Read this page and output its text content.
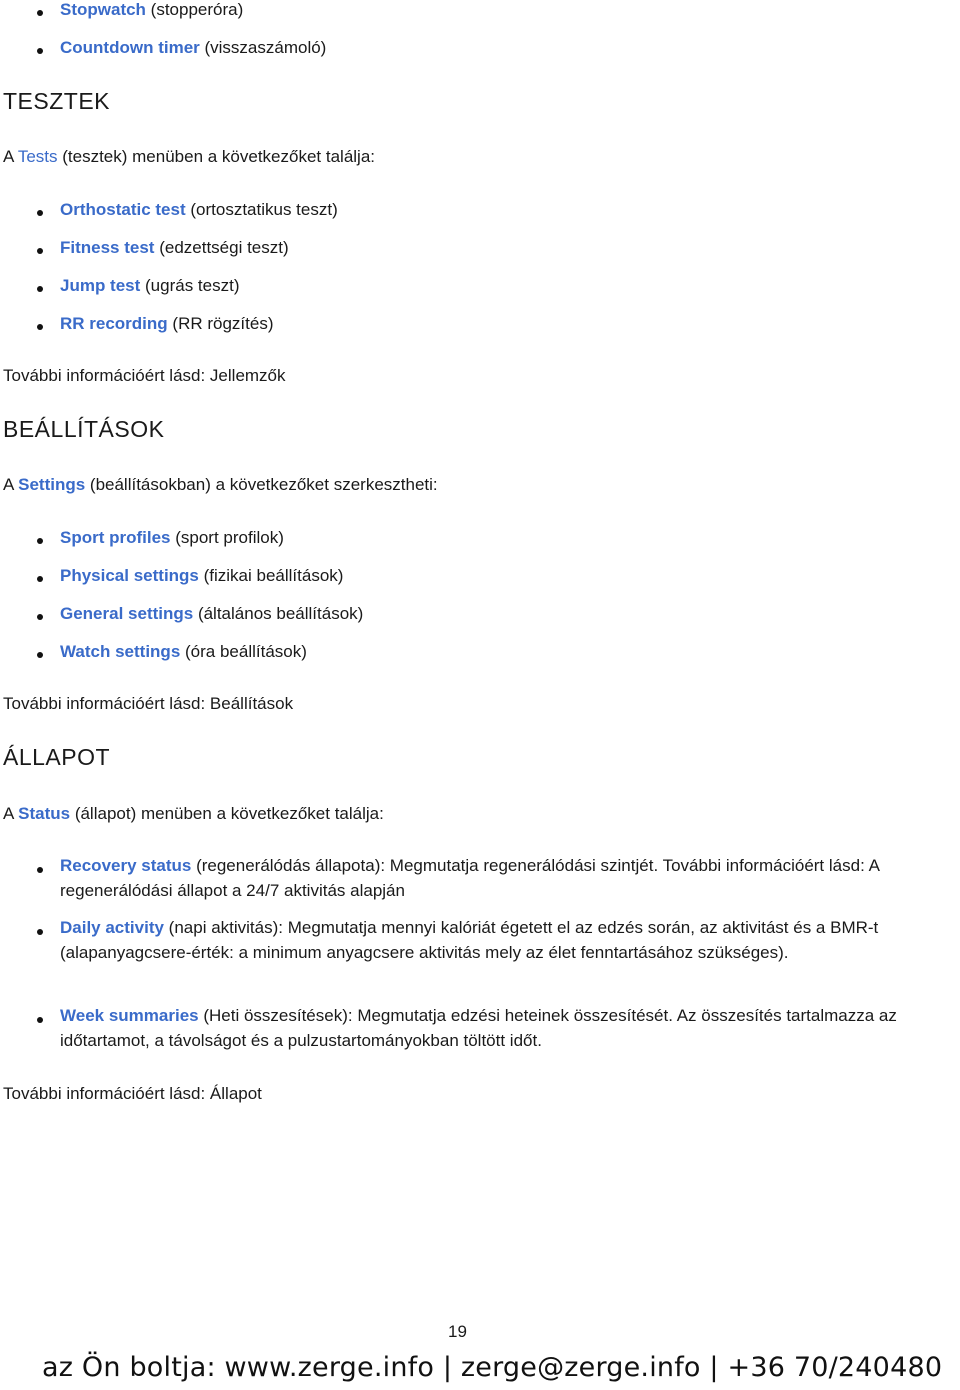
Stopwatch (stopperóra)
Countdown timer (visszaszámoló)
TESZTEK
A Tests (tesztek) menüben a következőket találja:
Orthostatic test (ortosztatikus teszt)
Fitness test (edzettségi teszt)
Jump test (ugrás teszt)
RR recording (RR rögzítés)
További információért lásd: Jellemzők
BEÁLLÍTÁSOK
A Settings (beállításokban) a következőket szerkesztheti:
Sport profiles (sport profilok)
Physical settings (fizikai beállítások)
General settings (általános beállítások)
Watch settings (óra beállítások)
További információért lásd: Beállítások
ÁLLAPOT
A Status (állapot) menüben a következőket találja:
Recovery status (regenerálódás állapota): Megmutatja regenerálódási szintjét. További információért lásd: A regenerálódási állapot a 24/7 aktivitás alapján
Daily activity (napi aktivitás): Megmutatja mennyi kalóriát égetett el az edzés során, az aktivitást és a BMR-t (alapanyagcsere-érték: a minimum anyagcsere aktivitás mely az élet fenntartásához szükséges).
Week summaries (Heti összesítések): Megmutatja edzési heteinek összesítését. Az összesítés tartalmazza az időtartamot, a távolságot és a pulzustartományokban töltött időt.
További információért lásd: Állapot
19
az Ön boltja: www.zerge.info | zerge@zerge.info | +36 70/240480
